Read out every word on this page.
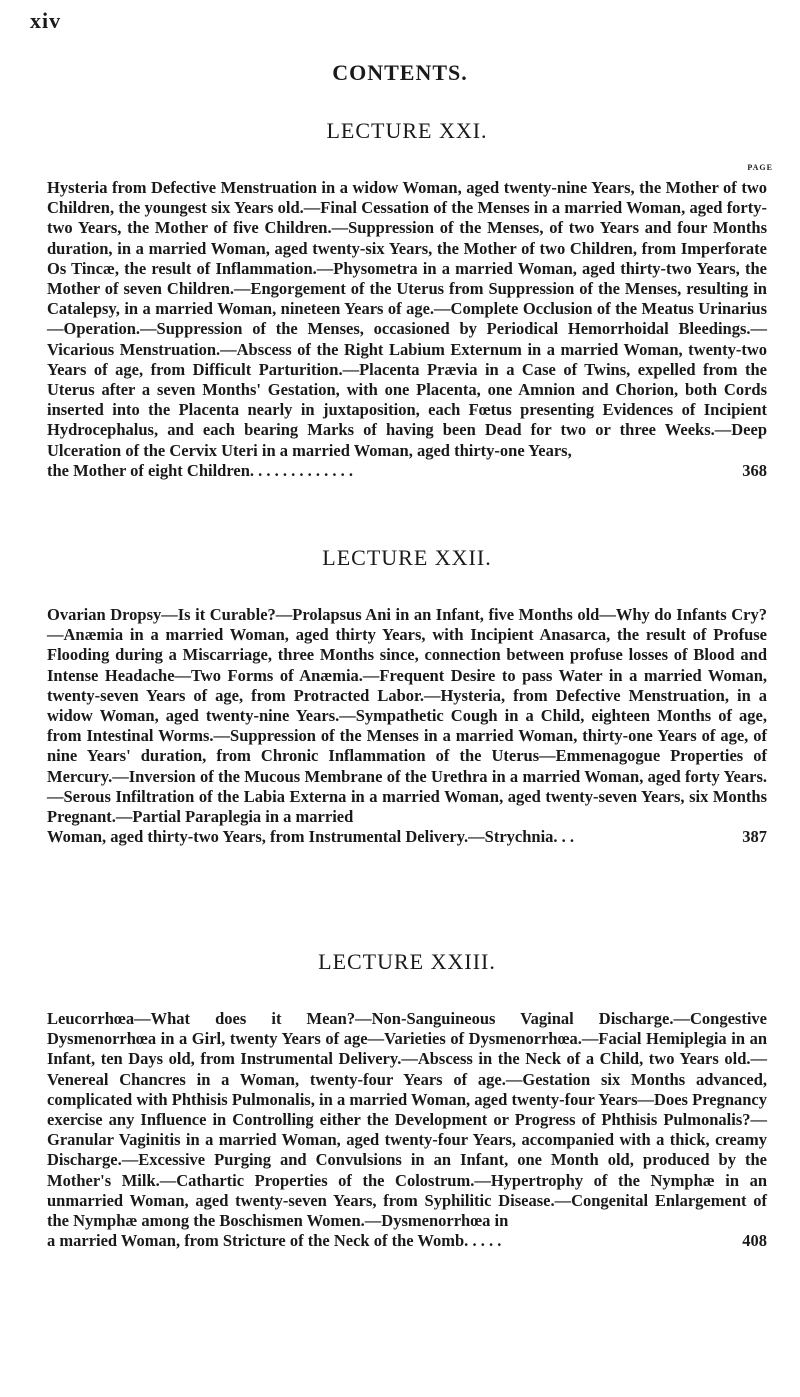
xiv
CONTENTS.
LECTURE XXI.
PAGE

Hysteria from Defective Menstruation in a widow Woman, aged twenty-nine Years, the Mother of two Children, the youngest six Years old.—Final Cessation of the Menses in a married Woman, aged forty-two Years, the Mother of five Children.—Suppression of the Menses, of two Years and four Months duration, in a married Woman, aged twenty-six Years, the Mother of two Children, from Imperforate Os Tincæ, the result of Inflammation.—Physometra in a married Woman, aged thirty-two Years, the Mother of seven Children.—Engorgement of the Uterus from Suppression of the Menses, resulting in Catalepsy, in a married Woman, nineteen Years of age.—Complete Occlusion of the Meatus Urinarius—Operation.—Suppression of the Menses, occasioned by Periodical Hemorrhoidal Bleedings.—Vicarious Menstruation.—Abscess of the Right Labium Externum in a married Woman, twenty-two Years of age, from Difficult Parturition.—Placenta Prævia in a Case of Twins, expelled from the Uterus after a seven Months' Gestation, with one Placenta, one Amnion and Chorion, both Cords inserted into the Placenta nearly in juxtaposition, each Fœtus presenting Evidences of Incipient Hydrocephalus, and each bearing Marks of having been Dead for two or three Weeks.—Deep Ulceration of the Cervix Uteri in a married Woman, aged thirty-one Years,
the Mother of eight Children. . . . . . . . . . . . .	368

LECTURE XXII.

Ovarian Dropsy—Is it Curable?—Prolapsus Ani in an Infant, five Months old—Why do Infants Cry?—Anæmia in a married Woman, aged thirty Years, with Incipient Anasarca, the result of Profuse Flooding during a Miscarriage, three Months since, connection between profuse losses of Blood and Intense Headache—Two Forms of Anæmia.—Frequent Desire to pass Water in a married Woman, twenty-seven Years of age, from Protracted Labor.—Hysteria, from Defective Menstruation, in a widow Woman, aged twenty-nine Years.—Sympathetic Cough in a Child, eighteen Months of age, from Intestinal Worms.—Suppression of the Menses in a married Woman, thirty-one Years of age, of nine Years' duration, from Chronic Inflammation of the Uterus—Emmenagogue Properties of Mercury.—Inversion of the Mucous Membrane of the Urethra in a married Woman, aged forty Years.—Serous Infiltration of the Labia Externa in a married Woman, aged twenty-seven Years, six Months Pregnant.—Partial Paraplegia in a married
Woman, aged thirty-two Years, from Instrumental Delivery.—Strychnia. . .	387

LECTURE XXIII.

Leucorrhœa—What does it Mean?—Non-Sanguineous Vaginal Discharge.—Congestive Dysmenorrhœa in a Girl, twenty Years of age—Varieties of Dysmenorrhœa.—Facial Hemiplegia in an Infant, ten Days old, from Instrumental Delivery.—Abscess in the Neck of a Child, two Years old.—Venereal Chancres in a Woman, twenty-four Years of age.—Gestation six Months advanced, complicated with Phthisis Pulmonalis, in a married Woman, aged twenty-four Years—Does Pregnancy exercise any Influence in Controlling either the Development or Progress of Phthisis Pulmonalis?—Granular Vaginitis in a married Woman, aged twenty-four Years, accompanied with a thick, creamy Discharge.—Excessive Purging and Convulsions in an Infant, one Month old, produced by the Mother's Milk.—Cathartic Properties of the Colostrum.—Hypertrophy of the Nymphæ in an unmarried Woman, aged twenty-seven Years, from Syphilitic Disease.—Congenital Enlargement of the Nymphæ among the Boschismen Women.—Dysmenorrhœa in
a married Woman, from Stricture of the Neck of the Womb. . . . .	408
